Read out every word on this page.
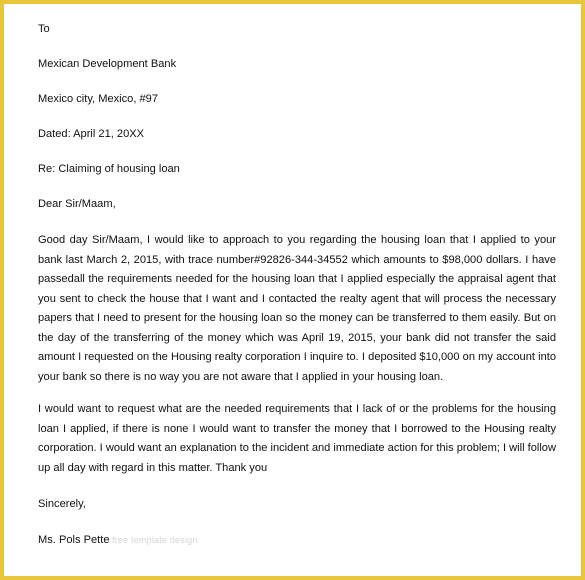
To
Mexican Development Bank
Mexico city, Mexico, #97
Dated: April 21, 20XX
Re: Claiming of housing loan
Dear Sir/Maam,

Good day Sir/Maam, I would like to approach to you regarding the housing loan that I applied to your bank last March 2, 2015, with trace number#92826-344-34552 which amounts to $98,000 dollars. I have passedall the requirements needed for the housing loan that I applied especially the appraisal agent that you sent to check the house that I want and I contacted the realty agent that will process the necessary papers that I need to present for the housing loan so the money can be transferred to them easily. But on the day of the transferring of the money which was April 19, 2015, your bank did not transfer the said amount I requested on the Housing realty corporation I inquire to. I deposited $10,000 on my account into your bank so there is no way you are not aware that I applied in your housing loan.

I would want to request what are the needed requirements that I lack of or the problems for the housing loan I applied, if there is none I would want to transfer the money that I borrowed to the Housing realty corporation. I would want an explanation to the incident and immediate action for this problem; I will follow up all day with regard in this matter. Thank you

Sincerely,
Ms. Pols Pette free template design
